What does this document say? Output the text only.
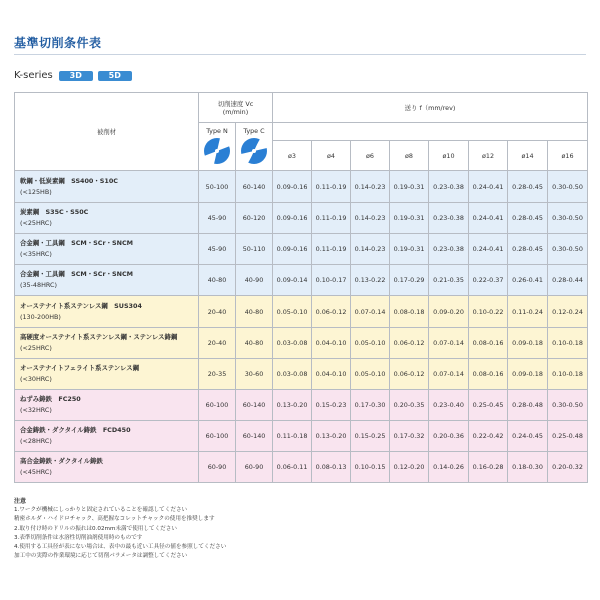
基準切削条件表
K-series	3D	5D
被削材	切削速度 Vc
(m/min)		送り f（mm/rev)							

	Type N	Type C								

			ø3	ø4	ø6	ø8	ø10	ø12	ø14	ø16

軟鋼・低炭素鋼　SS400・S10C
(<125HB)	50-100	60-140	0.09-0.16	0.11-0.19	0.14-0.23	0.19-0.31	0.23-0.38	0.24-0.41	0.28-0.45	0.30-0.50

炭素鋼　S35C・S50C
(<25HRC)	45-90	60-120	0.09-0.16	0.11-0.19	0.14-0.23	0.19-0.31	0.23-0.38	0.24-0.41	0.28-0.45	0.30-0.50

合金鋼・工具鋼　SCM・SCr・SNCM
(<35HRC)	45-90	50-110	0.09-0.16	0.11-0.19	0.14-0.23	0.19-0.31	0.23-0.38	0.24-0.41	0.28-0.45	0.30-0.50

合金鋼・工具鋼　SCM・SCr・SNCM
(35-48HRC)	40-80	40-90	0.09-0.14	0.10-0.17	0.13-0.22	0.17-0.29	0.21-0.35	0.22-0.37	0.26-0.41	0.28-0.44

オーステナイト系ステンレス鋼　SUS304
(130-200HB)	20-40	40-80	0.05-0.10	0.06-0.12	0.07-0.14	0.08-0.18	0.09-0.20	0.10-0.22	0.11-0.24	0.12-0.24

高硬度オーステナイト系ステンレス鋼・ステンレス鋳鋼
(<25HRC)	20-40	40-80	0.03-0.08	0.04-0.10	0.05-0.10	0.06-0.12	0.07-0.14	0.08-0.16	0.09-0.18	0.10-0.18

オーステナイトフェライト系ステンレス鋼
(<30HRC)	20-35	30-60	0.03-0.08	0.04-0.10	0.05-0.10	0.06-0.12	0.07-0.14	0.08-0.16	0.09-0.18	0.10-0.18

ねずみ鋳鉄　FC250
(<32HRC)	60-100	60-140	0.13-0.20	0.15-0.23	0.17-0.30	0.20-0.35	0.23-0.40	0.25-0.45	0.28-0.48	0.30-0.50

合金鋳鉄・ダクタイル鋳鉄　FCD450
(<28HRC)	60-100	60-140	0.11-0.18	0.13-0.20	0.15-0.25	0.17-0.32	0.20-0.36	0.22-0.42	0.24-0.45	0.25-0.48

高合金鋳鉄・ダクタイル鋳鉄
(<45HRC)	60-90	60-90	0.06-0.11	0.08-0.13	0.10-0.15	0.12-0.20	0.14-0.26	0.16-0.28	0.18-0.30	0.20-0.32
注意
1.ワークが機械にしっかりと固定されていることを確認してください
精密ホルダ・ハイドロチャック、高把握なコレットチャックの使用を推奨します
2.取り付け時のドリルの振れは0.02mm未満で使用してください
3.表準切削条件は水溶性切削油剤使用時のものです
4.使用する工具径が表にない場合は、表中の最も近い工具径の値を参照してください
加工中の実際の作業環境に応じて切削パラメータは調整してください
